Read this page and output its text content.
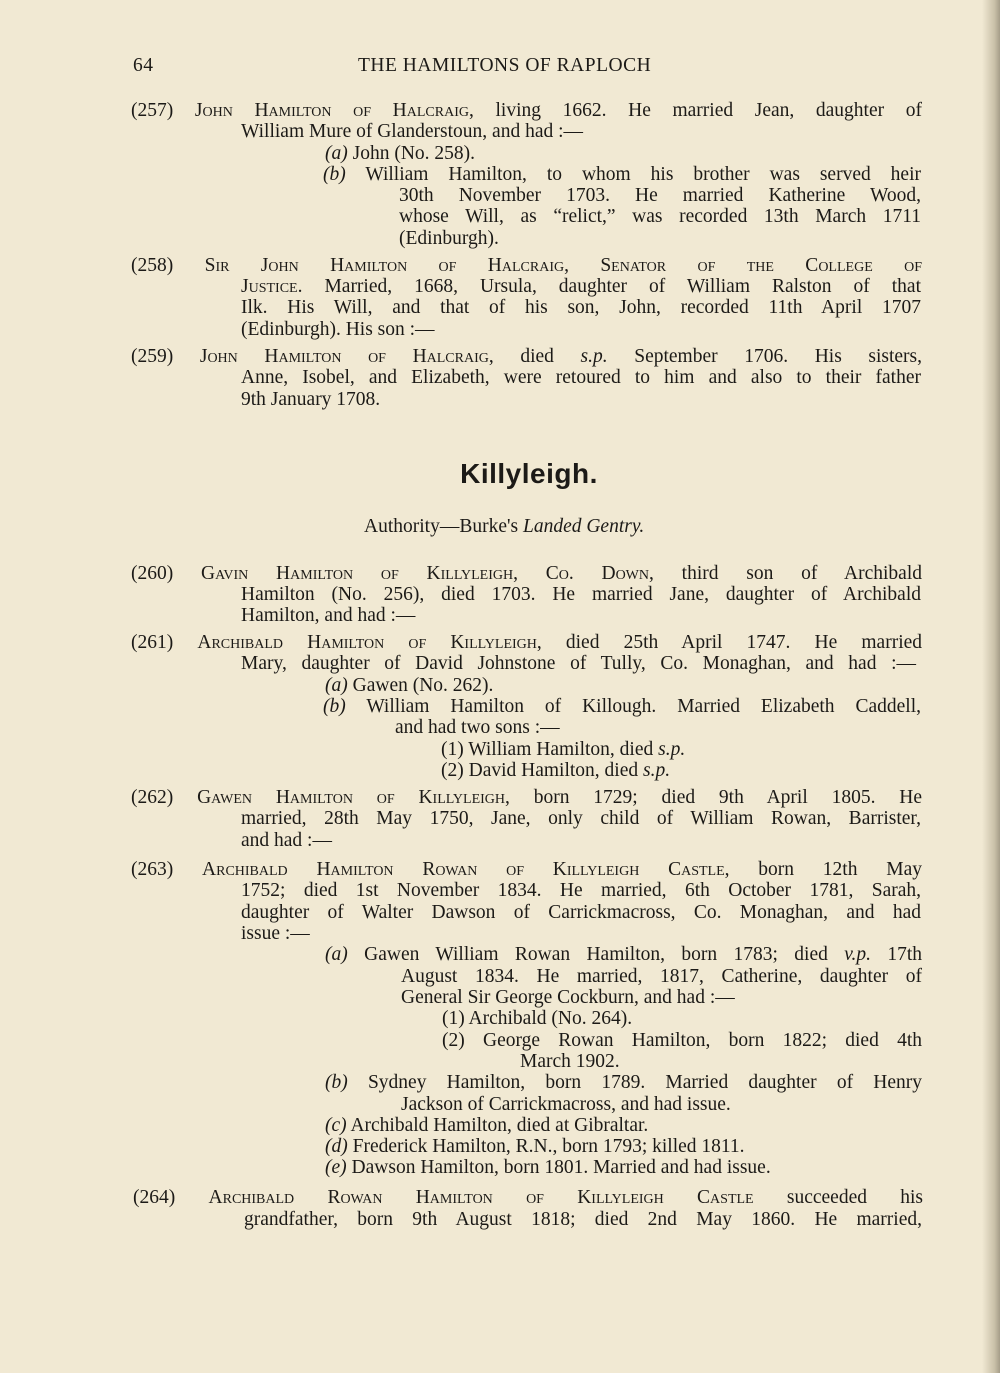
64	THE HAMILTONS OF RAPLOCH
(257) John Hamilton of Halcraig, living 1662. He married Jean, daughter of
William Mure of Glanderstoun, and had :—
(a) John (No. 258).
(b) William Hamilton, to whom his brother was served heir
30th November 1703. He married Katherine Wood,
whose Will, as “relict,” was recorded 13th March 1711
(Edinburgh).
(258) Sir John Hamilton of Halcraig, Senator of the College of
Justice. Married, 1668, Ursula, daughter of William Ralston of that
Ilk. His Will, and that of his son, John, recorded 11th April 1707
(Edinburgh). His son :—
(259) John Hamilton of Halcraig, died s.p. September 1706. His sisters,
Anne, Isobel, and Elizabeth, were retoured to him and also to their father
9th January 1708.
Killyleigh.
Authority—Burke's Landed Gentry.
(260) Gavin Hamilton of Killyleigh, Co. Down, third son of Archibald
Hamilton (No. 256), died 1703. He married Jane, daughter of Archibald
Hamilton, and had :—
(261) Archibald Hamilton of Killyleigh, died 25th April 1747. He married
Mary, daughter of David Johnstone of Tully, Co. Monaghan, and had :—
(a) Gawen (No. 262).
(b) William Hamilton of Killough. Married Elizabeth Caddell,
and had two sons :—
(1) William Hamilton, died s.p.
(2) David Hamilton, died s.p.
(262) Gawen Hamilton of Killyleigh, born 1729; died 9th April 1805. He
married, 28th May 1750, Jane, only child of William Rowan, Barrister,
and had :—
(263) Archibald Hamilton Rowan of Killyleigh Castle, born 12th May
1752; died 1st November 1834. He married, 6th October 1781, Sarah,
daughter of Walter Dawson of Carrickmacross, Co. Monaghan, and had
issue :—
(a) Gawen William Rowan Hamilton, born 1783; died v.p. 17th
August 1834. He married, 1817, Catherine, daughter of
General Sir George Cockburn, and had :—
(1) Archibald (No. 264).
(2) George Rowan Hamilton, born 1822; died 4th
March 1902.
(b) Sydney Hamilton, born 1789. Married daughter of Henry
Jackson of Carrickmacross, and had issue.
(c) Archibald Hamilton, died at Gibraltar.
(d) Frederick Hamilton, R.N., born 1793; killed 1811.
(e) Dawson Hamilton, born 1801. Married and had issue.
(264) Archibald Rowan Hamilton of Killyleigh Castle succeeded his
grandfather, born 9th August 1818; died 2nd May 1860. He married,
